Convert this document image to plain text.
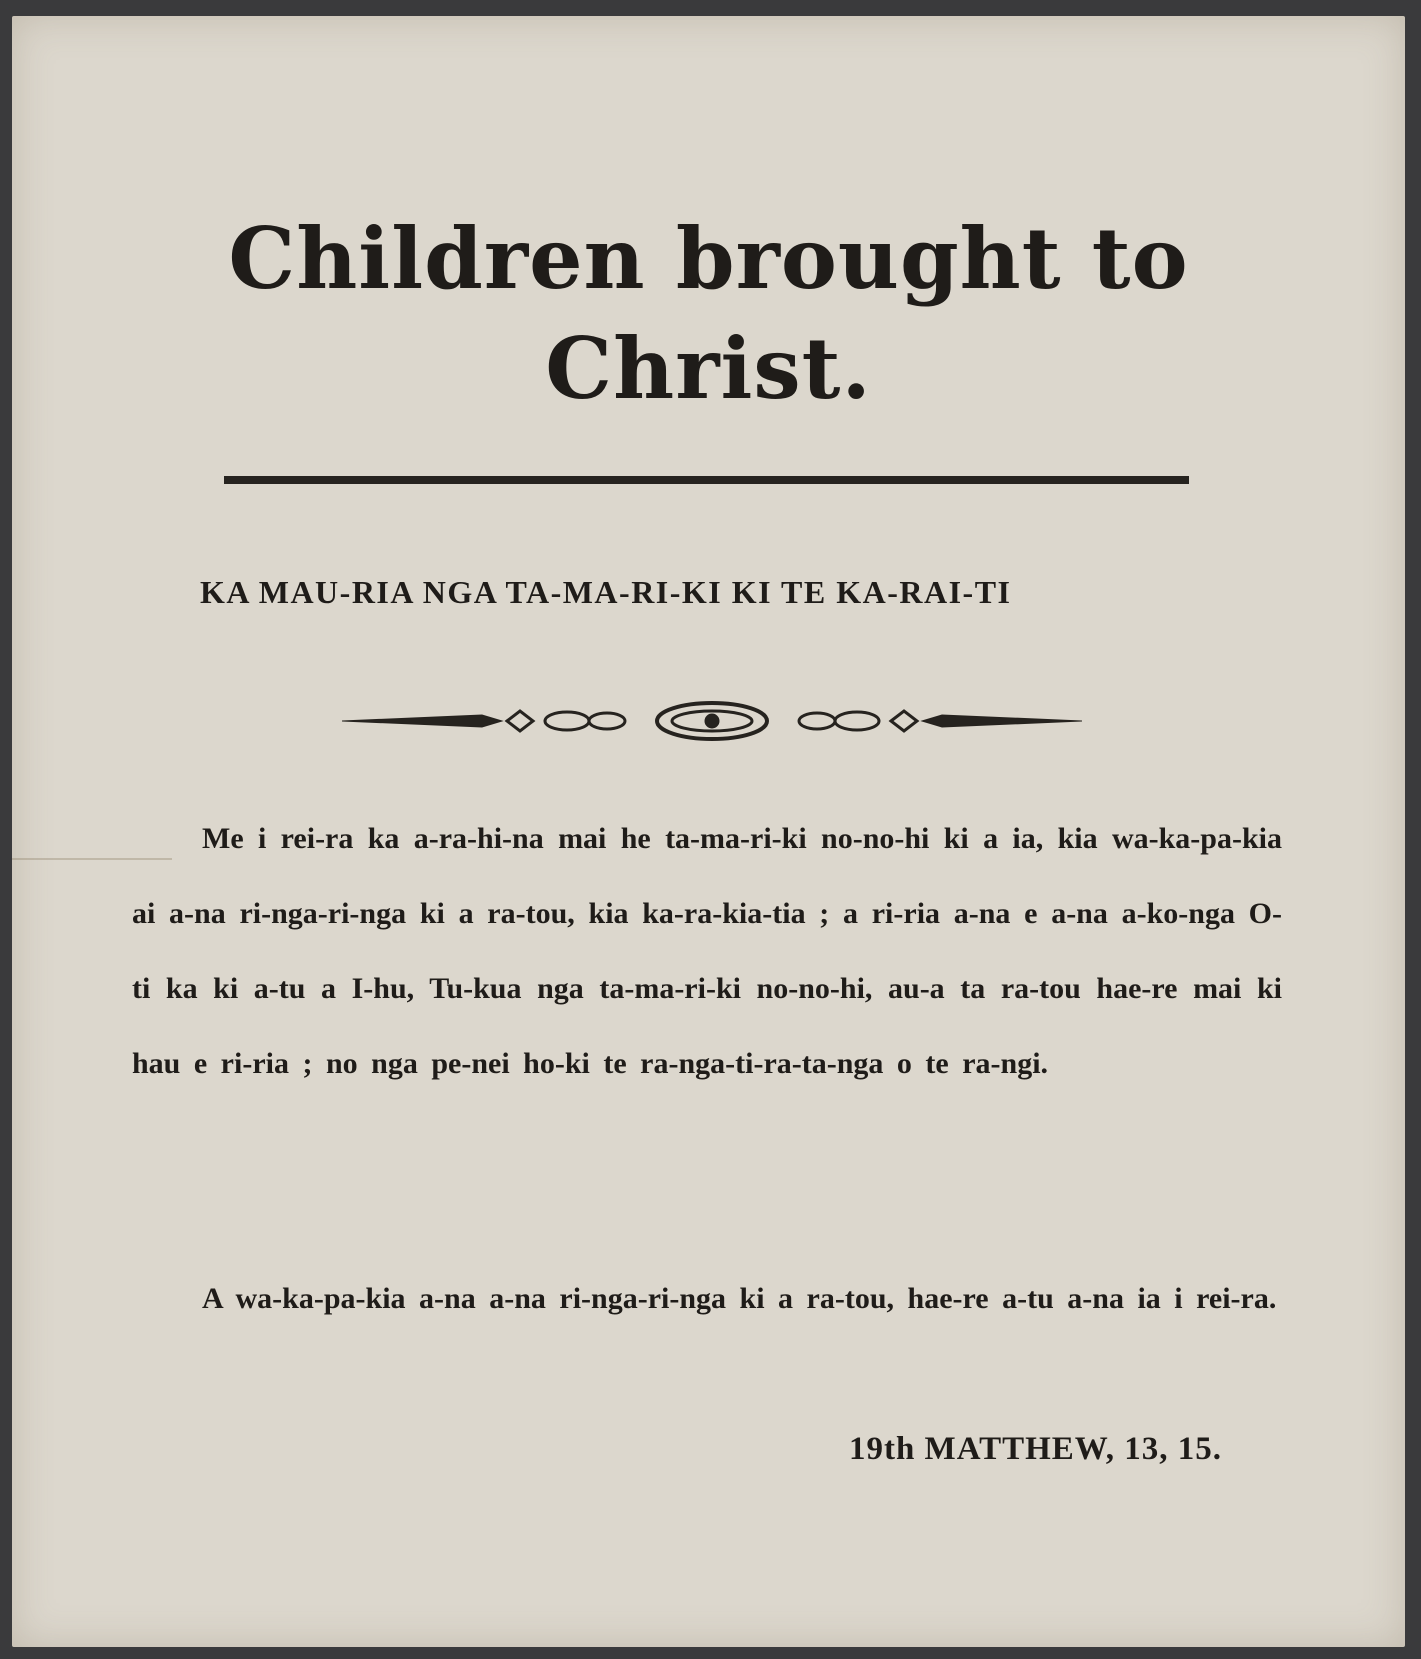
Children brought to
Christ.
KA MAU-RIA NGA TA-MA-RI-KI KI TE KA-RAI-TI
Me i rei-ra ka a-ra-hi-na mai he ta-ma-ri-ki no-no-hi ki a ia, kia wa-ka-pa-kia ai a-na ri-nga-ri-nga ki a ra-tou, kia ka-ra-kia-tia ; a ri-ria a-na e a-na a-ko-nga O-ti ka ki a-tu a I-hu, Tu-kua nga ta-ma-ri-ki no-no-hi, au-a ta ra-tou hae-re mai ki hau e ri-ria ; no nga pe-nei ho-ki te ra-nga-ti-ra-ta-nga o te ra-ngi.
A wa-ka-pa-kia a-na a-na ri-nga-ri-nga ki a ra-tou, hae-re a-tu a-na ia i rei-ra.
19th MATTHEW, 13, 15.
